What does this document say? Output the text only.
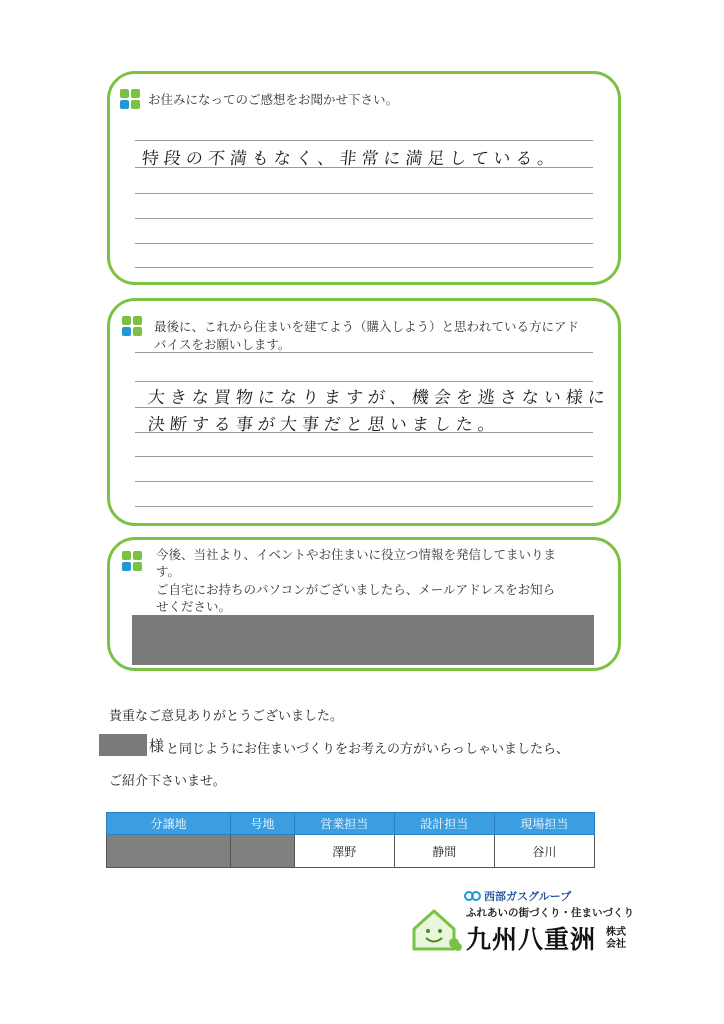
お住みになってのご感想をお聞かせ下さい。
特段の不満もなく、非常に満足している。
最後に、これから住まいを建てよう（購入しよう）と思われている方にアド
バイスをお願いします。
大きな買物になりますが、機会を逃さない様に
決断する事が大事だと思いました。
今後、当社より、イベントやお住まいに役立つ情報を発信してまいりま
す。
ご自宅にお持ちのパソコンがございましたら、メールアドレスをお知ら
せください。
貴重なご意見ありがとうございました。
様 と同じようにお住まいづくりをお考えの方がいらっしゃいましたら、
ご紹介下さいませ。
分譲地	号地	営業担当	設計担当	現場担当
		澤野	静間	谷川
西部ガスグループ
ふれあいの街づくり・住まいづくり
九州八重洲 株式
会社
